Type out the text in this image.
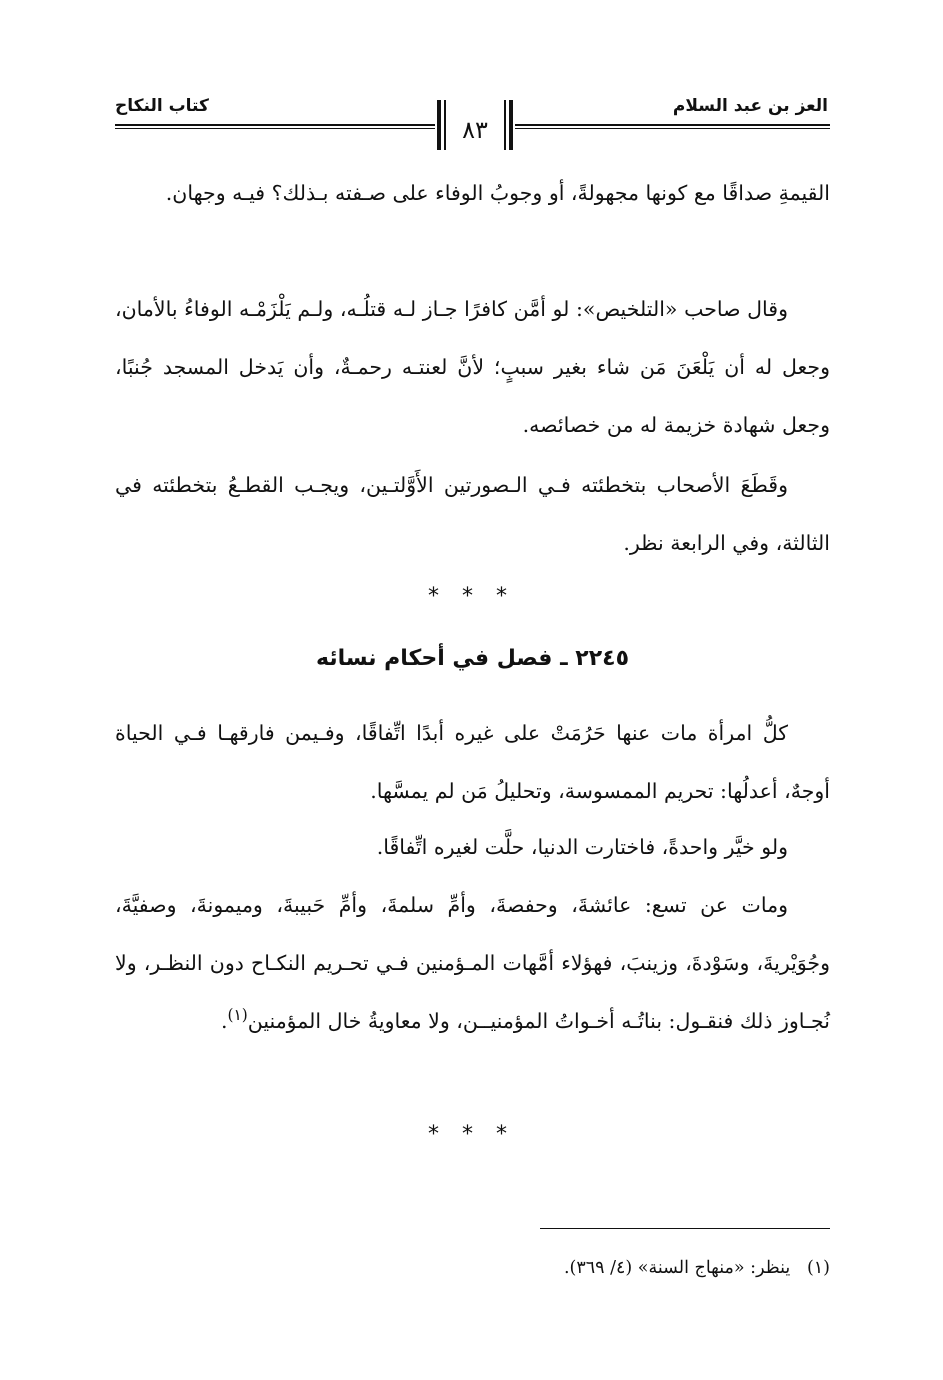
العز بن عبد السلام
كتاب النكاح
٨٣

القيمةِ صداقًا مع كونها مجهولةً، أو وجوبُ الوفاء على صـفته بـذلك؟ فيـه وجهان.

وقال صاحب «التلخيص»: لو أمَّن كافرًا جـاز لـه قتلُـه، ولـم يَلْزَمْـه الوفاءُ بالأمان، وجعل له أن يَلْعَنَ مَن شاء بغير سببٍ؛ لأنَّ لعنتـه رحمـةٌ، وأن يَدخل المسجد جُنبًا، وجعل شهادة خزيمة له من خصائصه.

وقَطَعَ الأصحاب بتخطئته فـي الـصورتين الأَوَّلتـين، ويجـب القطـعُ بتخطئته في الثالثة، وفي الرابعة نظر.

* * *
٢٢٤٥ ـ فصل في أحكام نسائه

كلُّ امرأة مات عنها حَرُمَتْ على غيره أبدًا اتِّفاقًا، وفـيمن فارقهـا فـي الحياة أوجهٌ، أعدلُها: تحريم الممسوسة، وتحليلُ مَن لم يمسَّها.

ولو خيَّر واحدةً، فاختارت الدنيا، حلَّت لغيره اتِّفاقًا.

ومات عن تسع: عائشةَ، وحفصةَ، وأمِّ سلمةَ، وأمِّ حَبيبةَ، وميمونةَ، وصفيَّةَ، وجُوَيْريةَ، وسَوْدةَ، وزينبَ، فهؤلاء أمَّهات المـؤمنين فـي تحـريم النكـاح دون النظـر، ولا نُجـاوز ذلك فنقـول: بناتُـه أخـواتُ المؤمنيــن، ولا معاويةُ خال المؤمنين$^{(١)}$.

* * *

(١)   ينظر: «منهاج السنة» (٤/ ٣٦٩).
